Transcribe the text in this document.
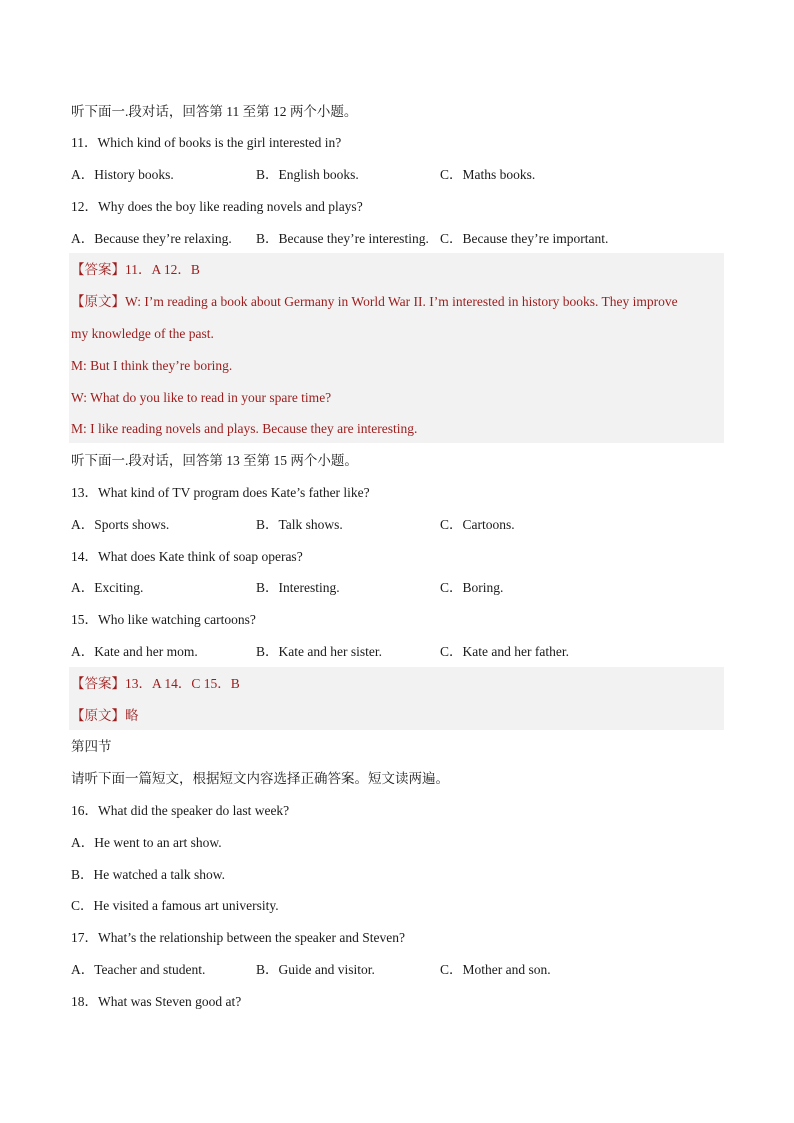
听下面一.段对话，回答第 11 至第 12 两个小题。
11．Which kind of books is the girl interested in?
A．History books.	B．English books.	C．Maths books.
12．Why does the boy like reading novels and plays?
A．Because they’re relaxing. B．Because they’re interesting. C．Because they’re important.
【答案】11．A 12．B
【原文】W: I’m reading a book about Germany in World War II. I’m interested in history books. They improve
my knowledge of the past.
M: But I think they’re boring.
W: What do you like to read in your spare time?
M: I like reading novels and plays. Because they are interesting.
听下面一.段对话，回答第 13 至第 15 两个小题。
13．What kind of TV program does Kate’s father like?
A．Sports shows.	B．Talk shows.	C．Cartoons.
14．What does Kate think of soap operas?
A．Exciting.	B．Interesting.	C．Boring.
15．Who like watching cartoons?
A．Kate and her mom.	B．Kate and her sister.	C．Kate and her father.
【答案】13．A 14．C 15．B
【原文】略
第四节
请听下面一篇短文，根据短文内容选择正确答案。短文读两遍。
16．What did the speaker do last week?
A．He went to an art show.
B．He watched a talk show.
C．He visited a famous art university.
17．What’s the relationship between the speaker and Steven?
A．Teacher and student.	B．Guide and visitor.	C．Mother and son.
18．What was Steven good at?
